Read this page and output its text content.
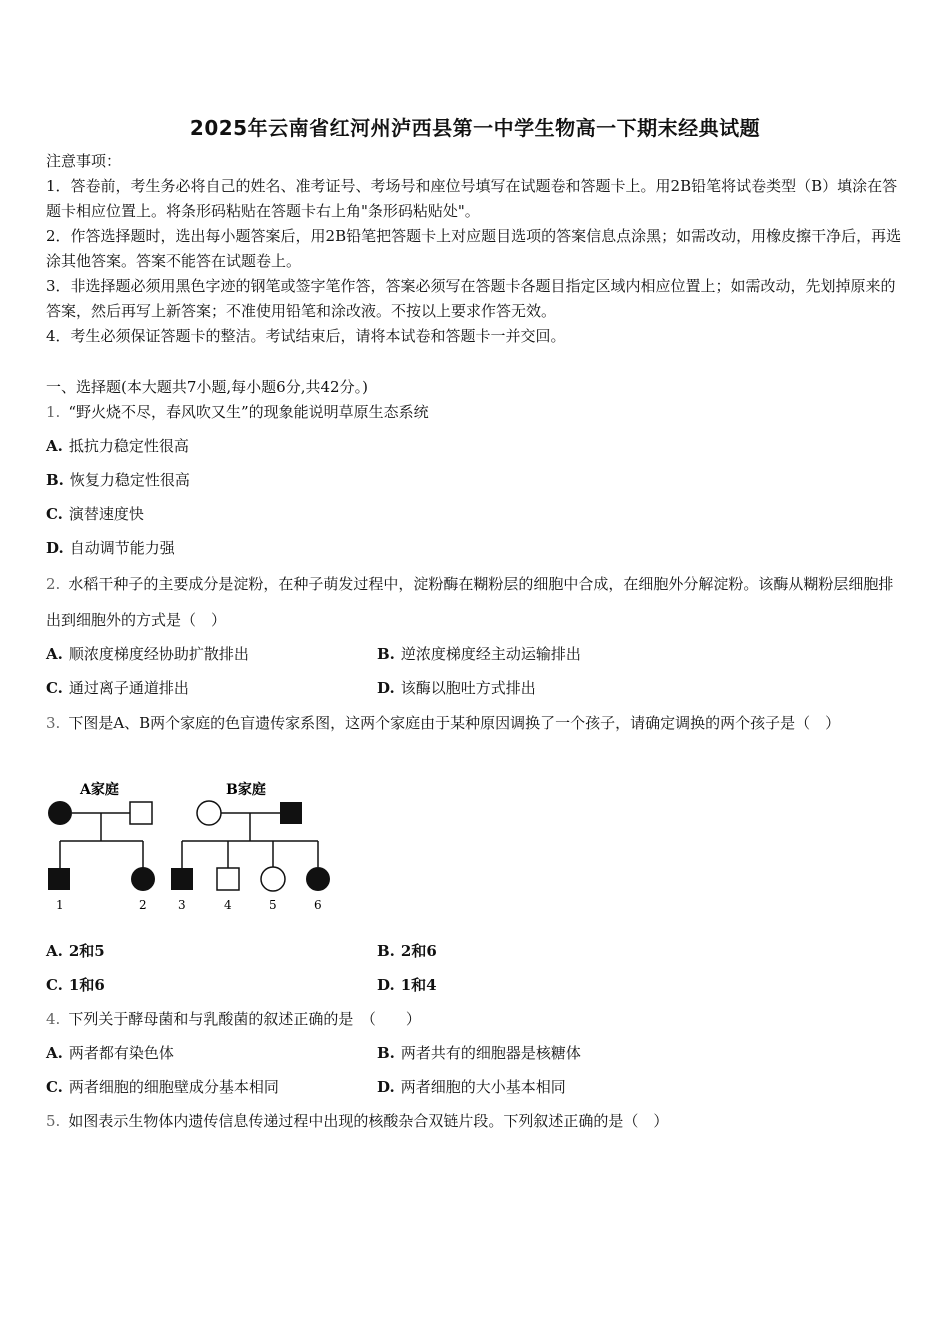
2025年云南省红河州泸西县第一中学生物高一下期末经典试题
注意事项：
1．答卷前，考生务必将自己的姓名、准考证号、考场号和座位号填写在试题卷和答题卡上。用2B铅笔将试卷类型（B）填涂在答题卡相应位置上。将条形码粘贴在答题卡右上角"条形码粘贴处"。
2．作答选择题时，选出每小题答案后，用2B铅笔把答题卡上对应题目选项的答案信息点涂黑；如需改动，用橡皮擦干净后，再选涂其他答案。答案不能答在试题卷上。
3．非选择题必须用黑色字迹的钢笔或签字笔作答，答案必须写在答题卡各题目指定区域内相应位置上；如需改动，先划掉原来的答案，然后再写上新答案；不准使用铅笔和涂改液。不按以上要求作答无效。
4．考生必须保证答题卡的整洁。考试结束后，请将本试卷和答题卡一并交回。
一、选择题(本大题共7小题,每小题6分,共42分。)
1. “野火烧不尽，春风吹又生”的现象能说明草原生态系统
A. 抵抗力稳定性很高
B. 恢复力稳定性很高
C. 演替速度快
D. 自动调节能力强
2. 水稻干种子的主要成分是淀粉，在种子萌发过程中，淀粉酶在糊粉层的细胞中合成，在细胞外分解淀粉。该酶从糊粉层细胞排出到细胞外的方式是（　）
A. 顺浓度梯度经协助扩散排出	B. 逆浓度梯度经主动运输排出
C. 通过离子通道排出	D. 该酶以胞吐方式排出
3. 下图是A、B两个家庭的色盲遗传家系图，这两个家庭由于某种原因调换了一个孩子，请确定调换的两个孩子是（　）
A家庭	B家庭
1	2	3	4	5	6
A. 2和5	B. 2和6
C. 1和6	D. 1和4
4. 下列关于酵母菌和与乳酸菌的叙述正确的是　（　　）
A. 两者都有染色体	B. 两者共有的细胞器是核糖体
C. 两者细胞的细胞壁成分基本相同	D. 两者细胞的大小基本相同
5. 如图表示生物体内遗传信息传递过程中出现的核酸杂合双链片段。下列叙述正确的是（　）
